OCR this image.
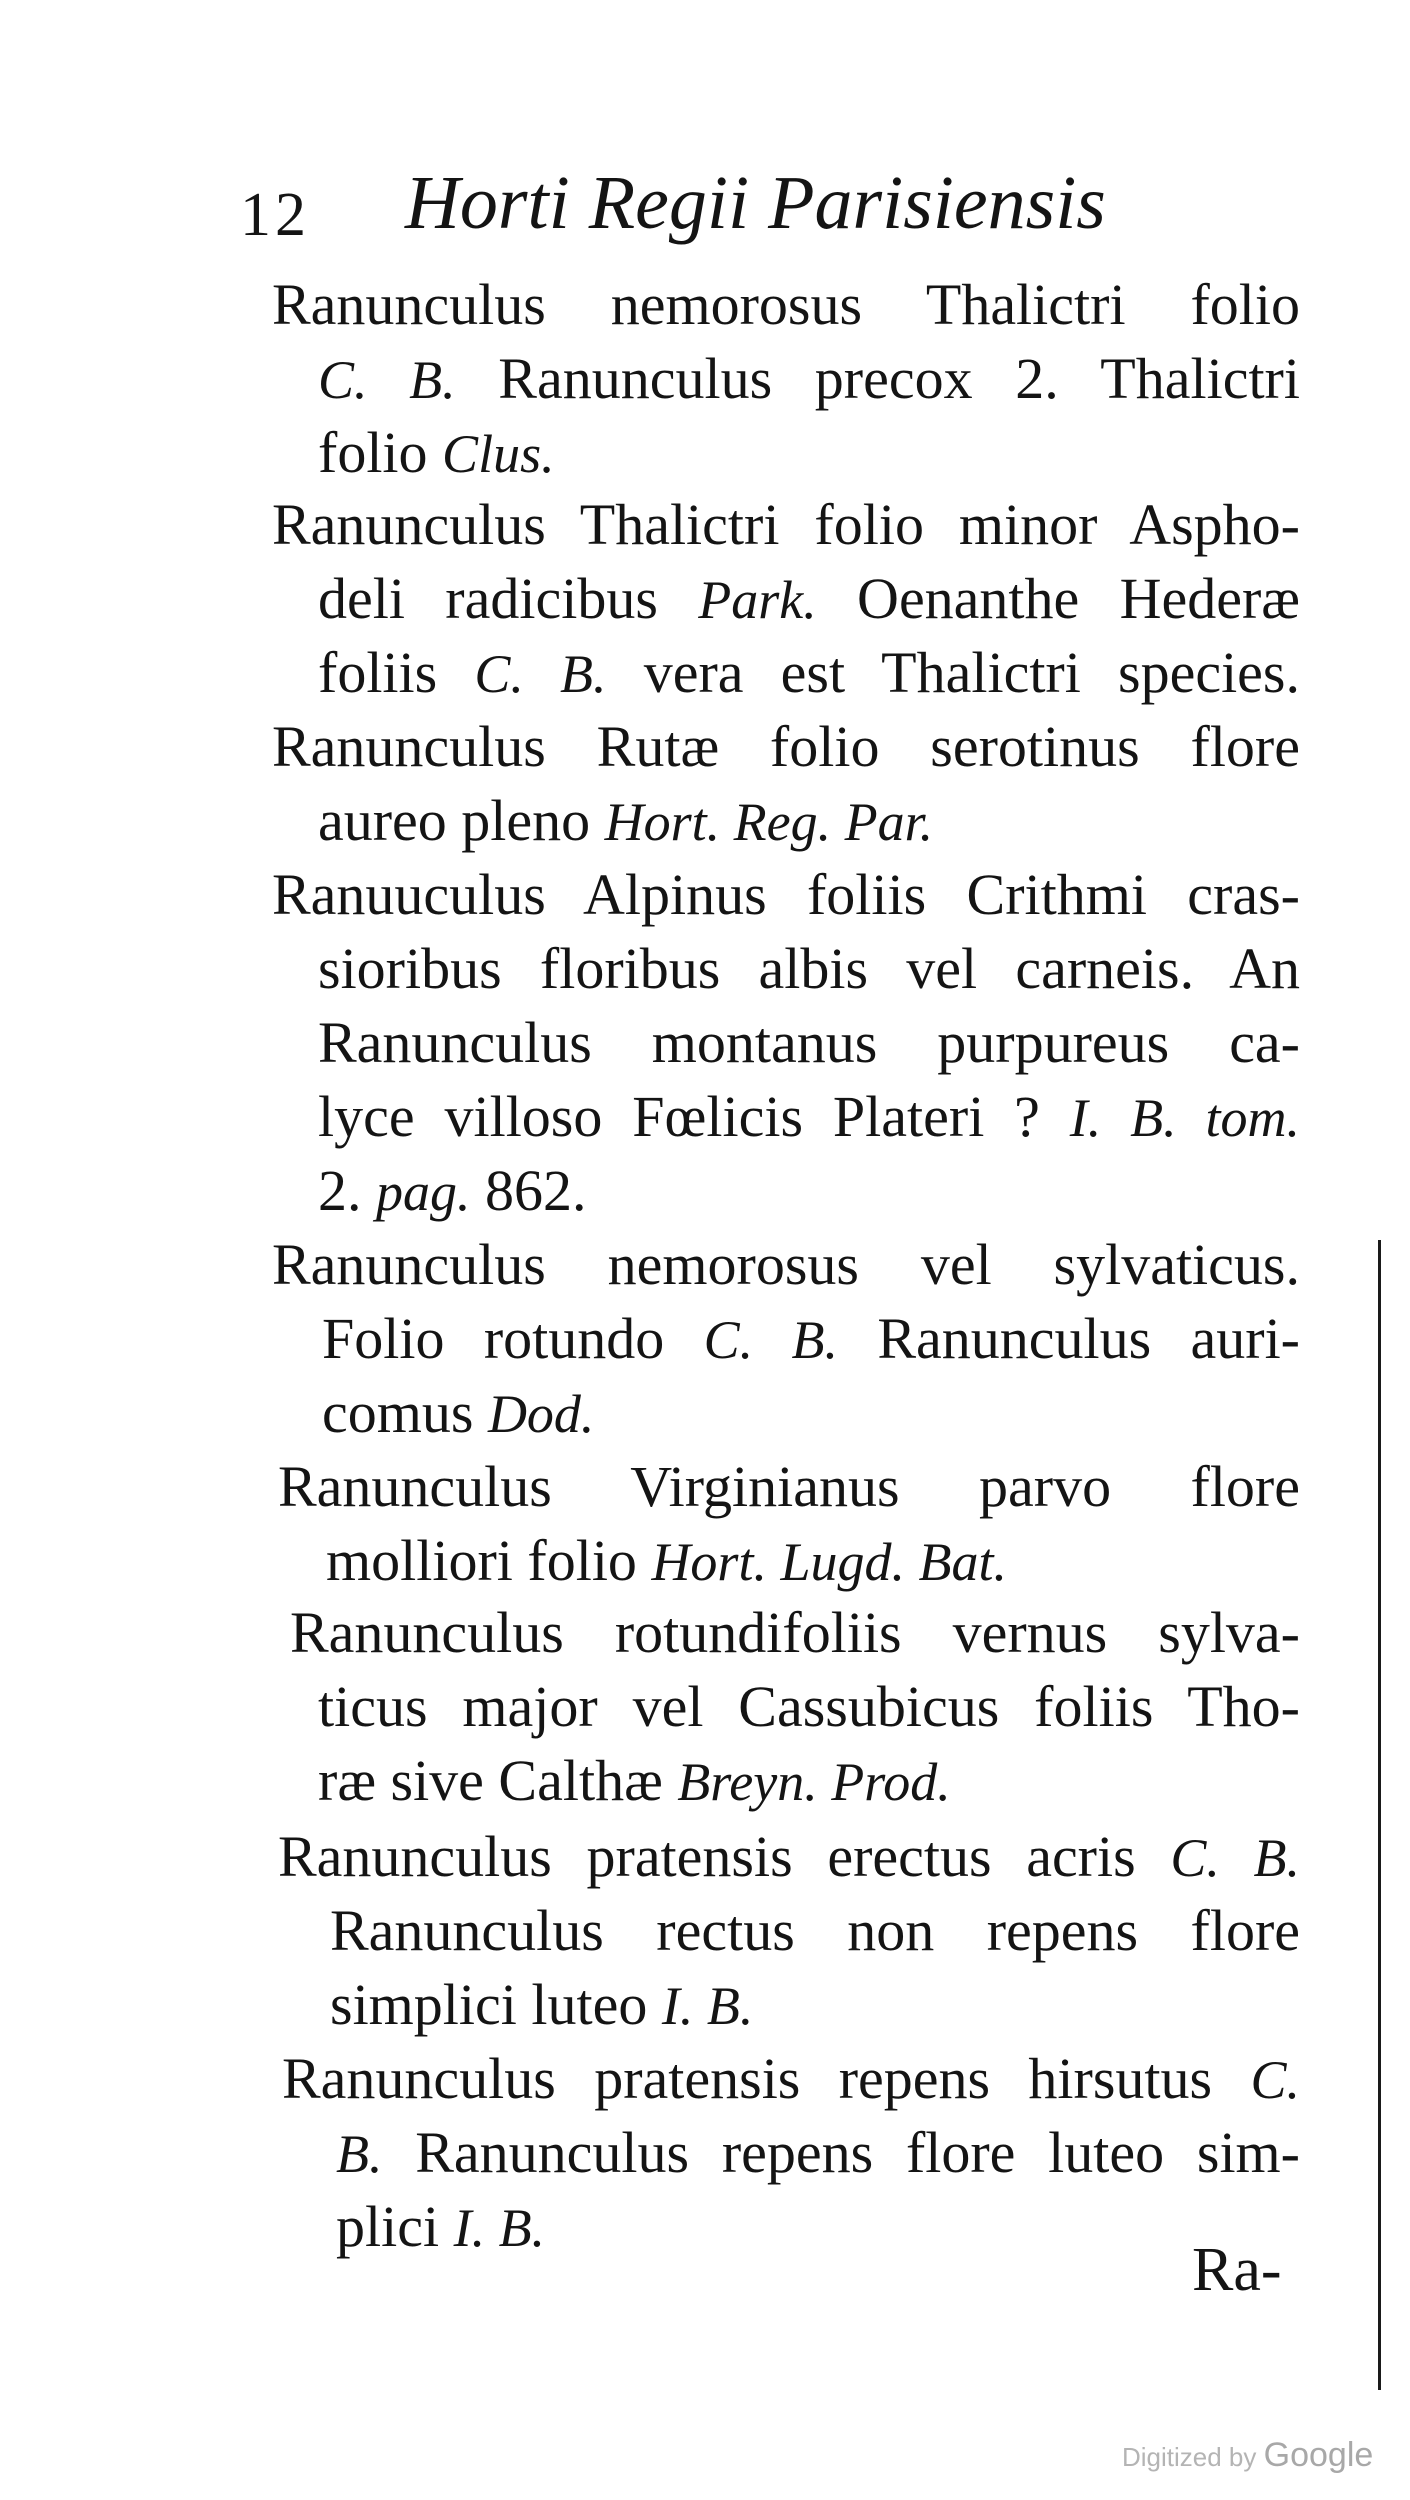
12 Horti Regii Parisiensis
Ranunculus nemorosus Thalictri folio
C. B. Ranunculus precox 2. Thalictri
folio Clus.
Ranunculus Thalictri folio minor Aspho-
deli radicibus Park. Oenanthe Hederæ
foliis C. B. vera est Thalictri species.
Ranunculus Rutæ folio serotinus flore
aureo pleno Hort. Reg. Par.
Ranuuculus Alpinus foliis Crithmi cras-
sioribus floribus albis vel carneis. An
Ranunculus montanus purpureus ca-
lyce villoso Fœlicis Plateri ? I. B. tom.
2. pag. 862.
Ranunculus nemorosus vel sylvaticus.
Folio rotundo C. B. Ranunculus auri-
comus Dod.
Ranunculus Virginianus parvo flore
molliori folio Hort. Lugd. Bat.
Ranunculus rotundifoliis vernus sylva-
ticus major vel Cassubicus foliis Tho-
ræ sive Calthæ Breyn. Prod.
Ranunculus pratensis erectus acris C. B.
Ranunculus rectus non repens flore
simplici luteo I. B.
Ranunculus pratensis repens hirsutus C.
B. Ranunculus repens flore luteo sim-
plici I. B.
Ra-
Digitized by Google
